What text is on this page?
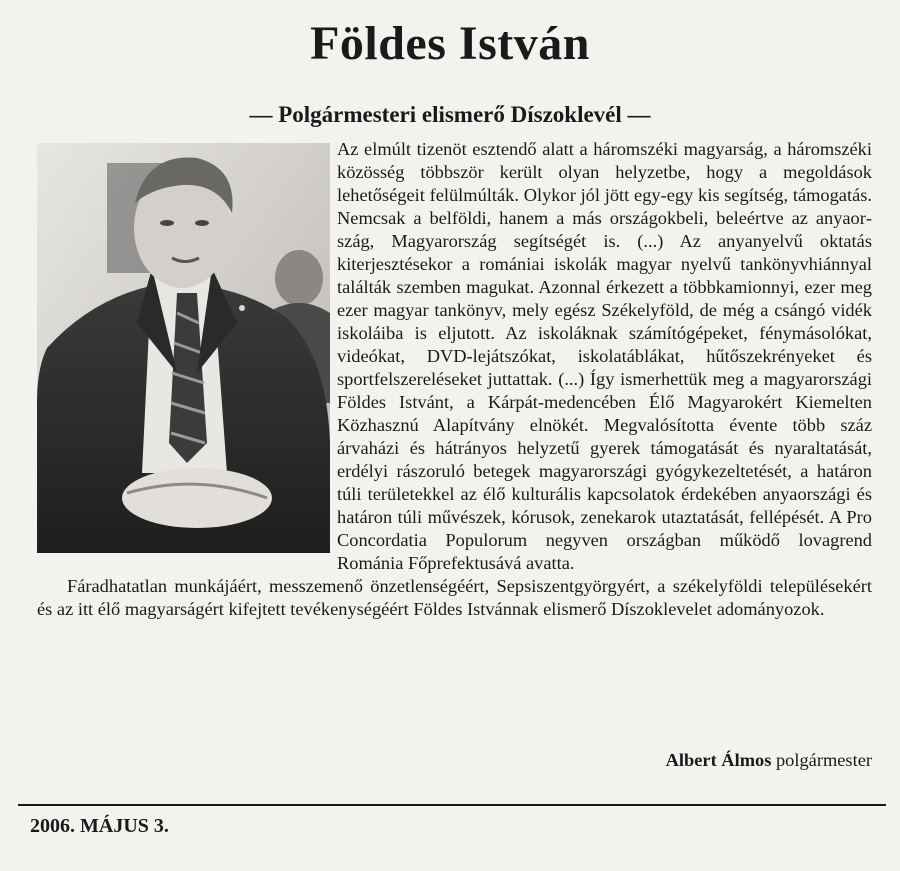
Földes István
— Polgármesteri elismerő Díszoklevél —

Az elmúlt tizenöt esztendő alatt a háromszéki magyarság, a háromszéki közösség többször került olyan helyzetbe, hogy a megoldások lehetőségeit felülmúlták. Olykor jól jött egy-egy kis segítség, támogatás. Nemcsak a belföldi, hanem a más országokbeli, beleértve az anyaország, Magyarország segítségét is. (...) Az anyanyelvű oktatás kiterjesztésekor a romániai iskolák magyar nyelvű tankönyvhiánnyal találták szemben magukat. Azonnal érkezett a többkamionnyi, ezer meg ezer magyar tankönyv, mely egész Székelyföld, de még a csángó vidék iskoláiba is eljutott. Az iskoláknak számítógépeket, fénymásolókat, videókat, DVD-lejátszókat, iskolatáblákat, hűtőszekrényeket és sportfelszereléseket juttattak. (...) Így ismerhettük meg a magyarországi Földes Istvánt, a Kárpát-medencében Élő Magyarokért Kiemelten Közhasznú Alapítvány elnökét. Megvalósította évente több száz árvaházi és hátrányos helyzetű gyerek támogatását és nyaraltatását, erdélyi rászoruló betegek magyarországi gyógykezeltetését, a határon túli területekkel az élő kulturális kapcsolatok érdekében anyaországi és határon túli művészek, kórusok, zenekarok utaztatását, fellépését. A Pro Concordatia Populorum negyven országban működő lovagrend Románia Főprefektusává avatta.

Fáradhatatlan munkájáért, messzemenő önzetlenségéért, Sepsiszentgyörgyért, a székelyföldi településekért és az itt élő magyarságért kifejtett tevékenységéért Földes Istvánnak elismerő Díszoklevelet adományozok.

Albert Álmos polgármester
2006. MÁJUS 3.
